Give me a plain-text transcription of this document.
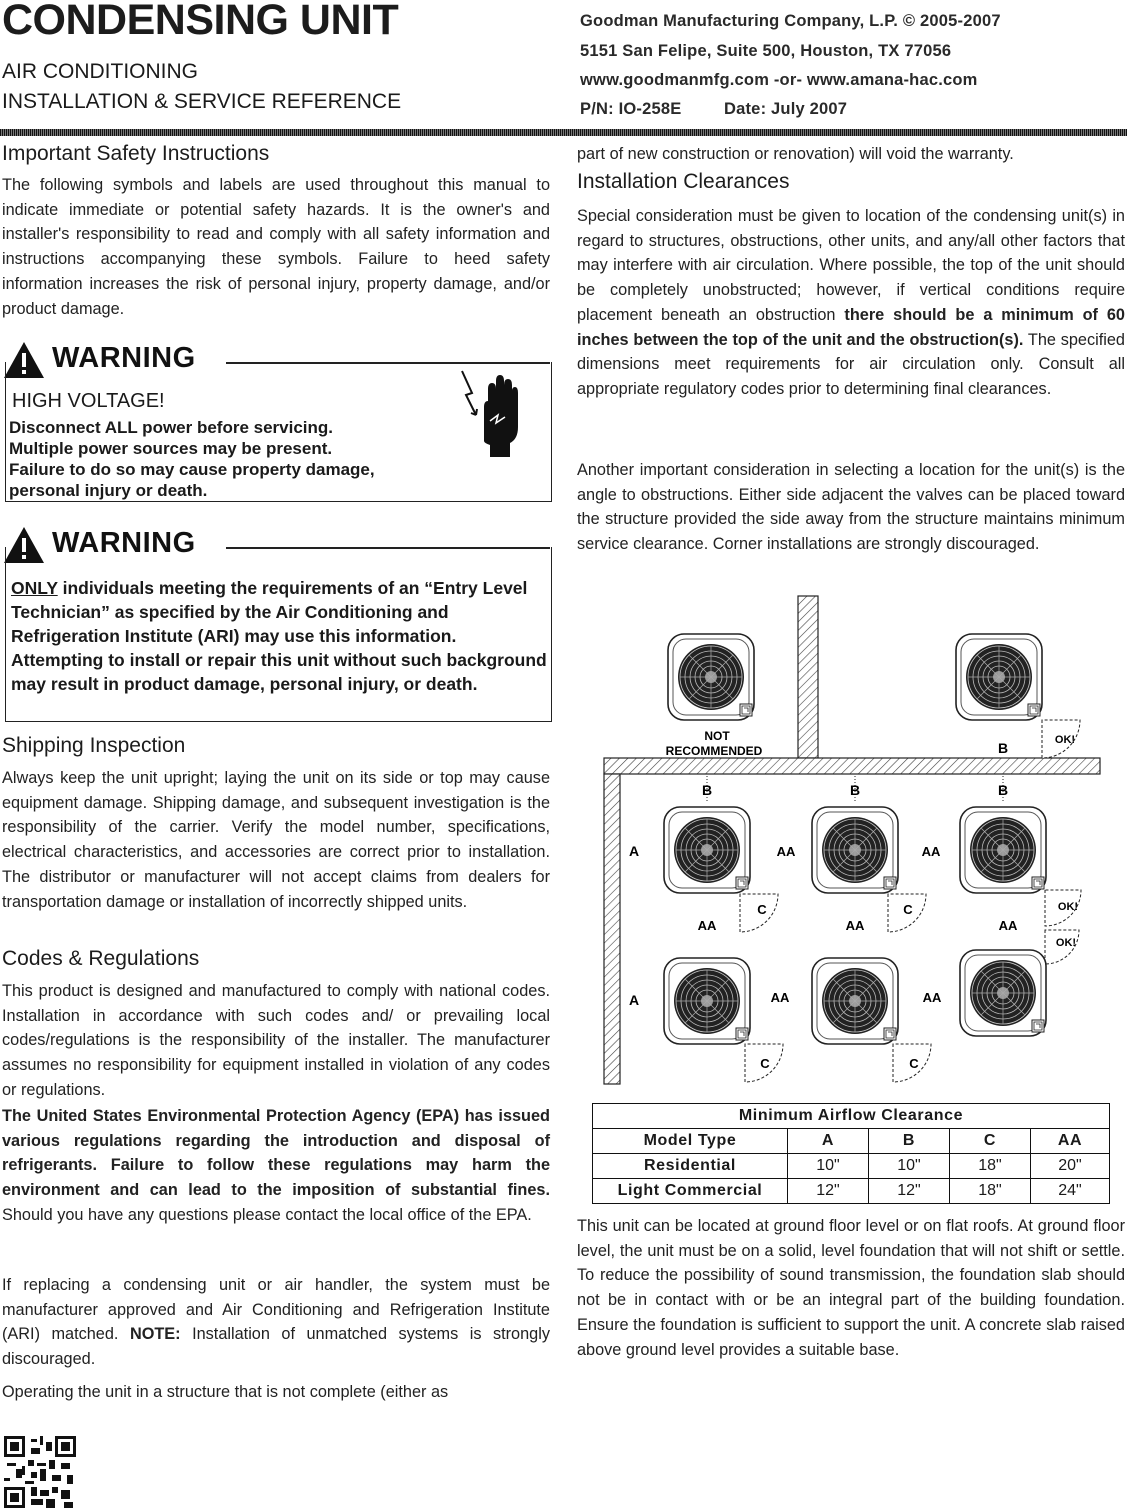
CONDENSING UNIT
AIR CONDITIONING
INSTALLATION & SERVICE REFERENCE
Goodman Manufacturing Company, L.P. © 2005-2007
5151 San Felipe, Suite 500, Houston, TX 77056
www.goodmanmfg.com -or- www.amana-hac.com
P/N: IO-258E	Date: July 2007
Important Safety Instructions

The following symbols and labels are used throughout this manual to indicate immediate or potential safety hazards. It is the owner's and installer's responsibility to read and comply with all safety information and instructions accompanying these symbols. Failure to heed safety information increases the risk of personal injury, property damage, and/or product damage.

WARNING
HIGH VOLTAGE!
Disconnect ALL power before servicing.
Multiple power sources may be present.
Failure to do so may cause property damage,
personal injury or death.
WARNING
ONLY individuals meeting the requirements of an “Entry Level Technician” as specified by the Air Conditioning and Refrigeration Institute (ARI) may use this information. Attempting to install or repair this unit without such background may result in product damage, personal injury, or death.
Shipping Inspection

Always keep the unit upright; laying the unit on its side or top may cause equipment damage. Shipping damage, and subsequent investigation is the responsibility of the carrier. Verify the model number, specifications, electrical characteristics, and accessories are correct prior to installation. The distributor or manufacturer will not accept claims from dealers for transportation damage or installation of incorrectly shipped units.

Codes & Regulations

This product is designed and manufactured to comply with national codes. Installation in accordance with such codes and/ or prevailing local codes/regulations is the responsibility of the installer. The manufacturer assumes no responsibility for equipment installed in violation of any codes or regulations.

The United States Environmental Protection Agency (EPA) has issued various regulations regarding the introduction and disposal of refrigerants. Failure to follow these regulations may harm the environment and can lead to the imposition of substantial fines. Should you have any questions please contact the local office of the EPA.

If replacing a condensing unit or air handler, the system must be manufacturer approved and Air Conditioning and Refrigeration Institute (ARI) matched. NOTE: Installation of unmatched systems is strongly discouraged.

Operating the unit in a structure that is not complete (either as

part of new construction or renovation) will void the warranty.

Installation Clearances

Special consideration must be given to location of the condensing unit(s) in regard to structures, obstructions, other units, and any/all other factors that may interfere with air circulation. Where possible, the top of the unit should be completely unobstructed; however, if vertical conditions require placement beneath an obstruction there should be a minimum of 60 inches between the top of the unit and the obstruction(s). The specified dimensions meet requirements for air circulation only. Consult all appropriate regulatory codes prior to determining final clearances.

Another important consideration in selecting a location for the unit(s) is the angle to obstructions. Either side adjacent the valves can be placed toward the structure provided the side away from the structure maintains minimum service clearance. Corner installations are strongly discouraged.

NOT
RECOMMENDED	B	OK!
B	B	B
A	AA	AA
C	C	OK!
AA	AA	AA
OK!
A	AA	AA
C	C
Minimum Airflow Clearance				
Model Type	A	B	C	AA
Residential	10"	10"	18"	20"
Light Commercial	12"	12"	18"	24"

This unit can be located at ground floor level or on flat roofs. At ground floor level, the unit must be on a solid, level foundation that will not shift or settle. To reduce the possibility of sound transmission, the foundation slab should not be in contact with or be an integral part of the building foundation. Ensure the foundation is sufficient to support the unit. A concrete slab raised above ground level provides a suitable base.
